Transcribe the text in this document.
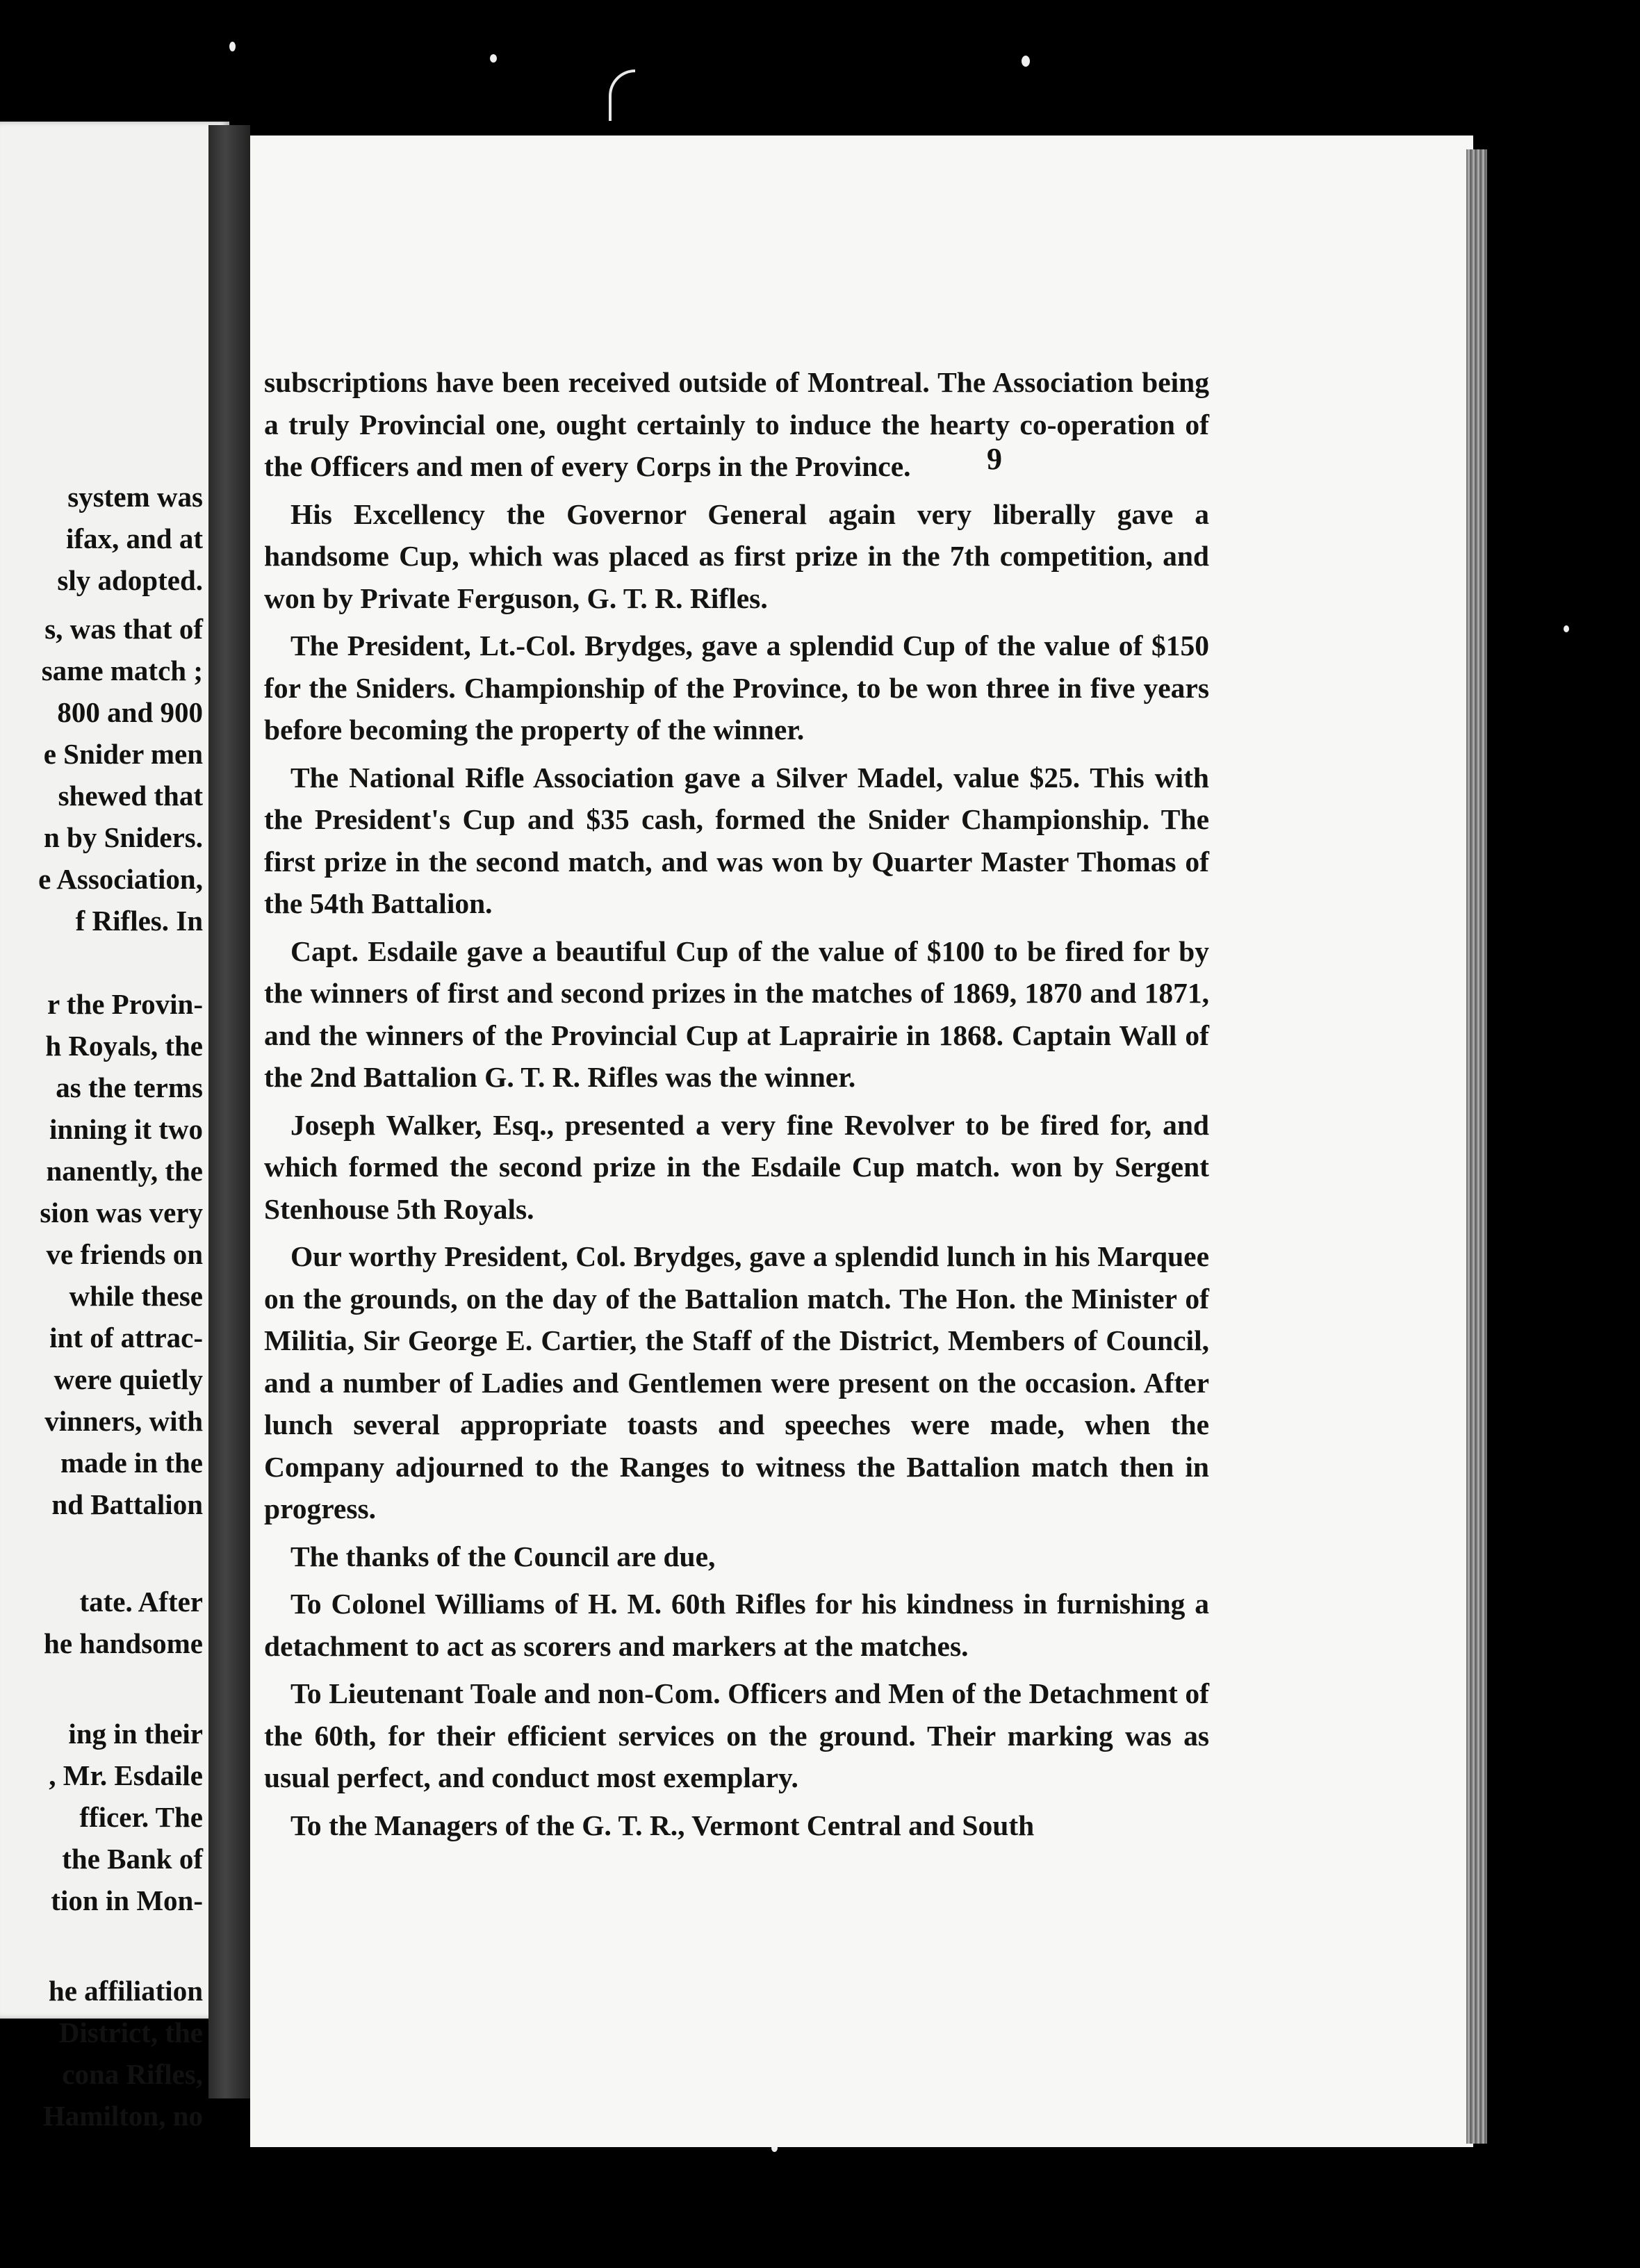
system was

ifax, and at

sly adopted.

s, was that of

same match ;

800 and 900

e Snider men

shewed that

n by Sniders.

e Association,

f Rifles. In

r the Provin-

h Royals, the

as the terms

inning it two

nanently, the

sion was very

ve friends on

while these

int of attrac-

were quietly

vinners, with

made in the

nd Battalion

tate. After

he handsome

ing in their

, Mr. Esdaile

fficer. The

the Bank of

tion in Mon-

he affiliation

District, the

cona Rifles,

Hamilton, no

9

subscriptions have been received outside of Montreal. The Association being a truly Provincial one, ought certainly to induce the hearty co-operation of the Officers and men of every Corps in the Province.

His Excellency the Governor General again very liberally gave a handsome Cup, which was placed as first prize in the 7th competition, and won by Private Ferguson, G. T. R. Rifles.

The President, Lt.-Col. Brydges, gave a splendid Cup of the value of $150 for the Sniders. Championship of the Province, to be won three in five years before becoming the property of the winner.

The National Rifle Association gave a Silver Madel, value $25. This with the President's Cup and $35 cash, formed the Snider Championship. The first prize in the second match, and was won by Quarter Master Thomas of the 54th Battalion.

Capt. Esdaile gave a beautiful Cup of the value of $100 to be fired for by the winners of first and second prizes in the matches of 1869, 1870 and 1871, and the winners of the Provincial Cup at Laprairie in 1868. Captain Wall of the 2nd Battalion G. T. R. Rifles was the winner.

Joseph Walker, Esq., presented a very fine Revolver to be fired for, and which formed the second prize in the Esdaile Cup match. won by Sergent Stenhouse 5th Royals.

Our worthy President, Col. Brydges, gave a splendid lunch in his Marquee on the grounds, on the day of the Battalion match. The Hon. the Minister of Militia, Sir George E. Cartier, the Staff of the District, Members of Council, and a number of Ladies and Gentlemen were present on the occasion. After lunch several appropriate toasts and speeches were made, when the Company adjourned to the Ranges to witness the Battalion match then in progress.

The thanks of the Council are due,

To Colonel Williams of H. M. 60th Rifles for his kindness in furnishing a detachment to act as scorers and markers at the matches.

To Lieutenant Toale and non-Com. Officers and Men of the Detachment of the 60th, for their efficient services on the ground. Their marking was as usual perfect, and conduct most exemplary.

To the Managers of the G. T. R., Vermont Central and South
